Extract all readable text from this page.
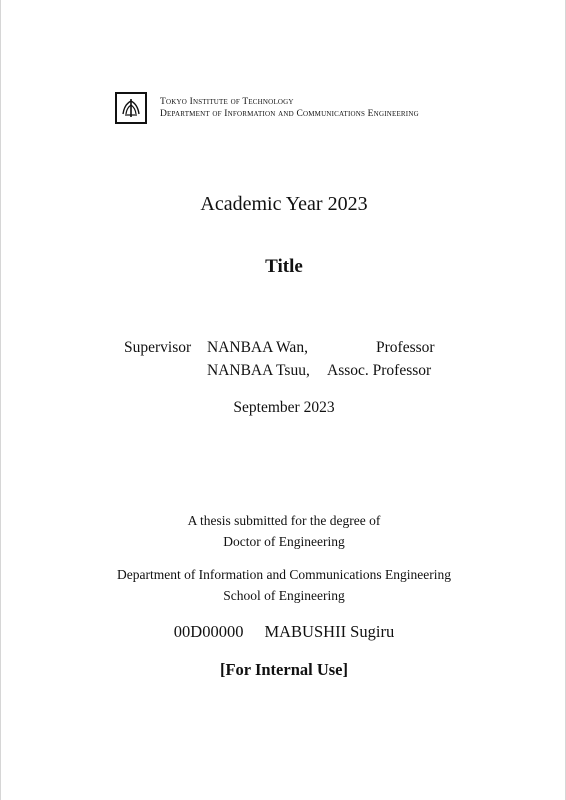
Tokyo Institute of Technology
Department of Information and Communications Engineering
Academic Year 2023
Title
Supervisor NANBAA Wan,	Professor
NANBAA Tsuu, Assoc. Professor
September 2023
A thesis submitted for the degree of
Doctor of Engineering
Department of Information and Communications Engineering
School of Engineering
00D00000 MABUSHII Sugiru
[For Internal Use]
